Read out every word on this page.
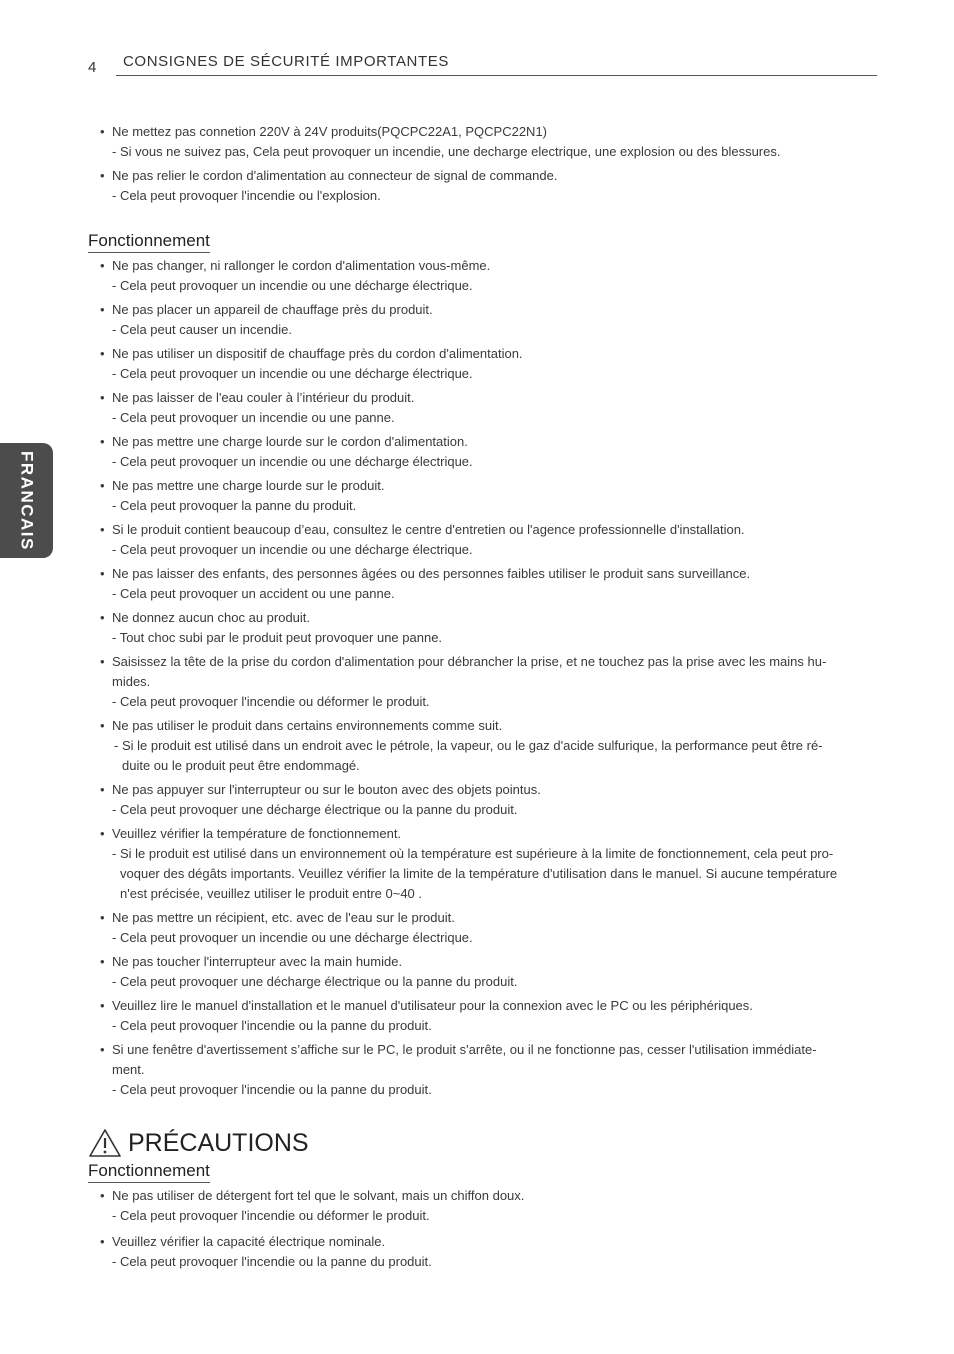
4 CONSIGNES DE SÉCURITÉ IMPORTANTES
FRANCAIS
• Ne mettez pas connetion 220V à 24V produits(PQCPC22A1, PQCPC22N1)
- Si vous ne suivez pas, Cela peut provoquer un incendie, une decharge electrique, une explosion ou des blessures.
• Ne pas relier le cordon d'alimentation au connecteur de signal de commande.
- Cela peut provoquer l'incendie ou l'explosion.
Fonctionnement
• Ne pas changer, ni rallonger le cordon d'alimentation vous-même.
- Cela peut provoquer un incendie ou une décharge électrique.
• Ne pas placer un appareil de chauffage près du produit.
- Cela peut causer un incendie.
• Ne pas utiliser un dispositif de chauffage près du cordon d'alimentation.
- Cela peut provoquer un incendie ou une décharge électrique.
• Ne pas laisser de l'eau couler à l’intérieur du produit.
- Cela peut provoquer un incendie ou une panne.
• Ne pas mettre une charge lourde sur le cordon d'alimentation.
- Cela peut provoquer un incendie ou une décharge électrique.
• Ne pas mettre une charge lourde sur le produit.
- Cela peut provoquer la panne du produit.
• Si le produit contient beaucoup d’eau, consultez le centre d'entretien ou l'agence professionnelle d'installation.
- Cela peut provoquer un incendie ou une décharge électrique.
• Ne pas laisser des enfants, des personnes âgées ou des personnes faibles utiliser le produit sans surveillance.
- Cela peut provoquer un accident ou une panne.
• Ne donnez aucun choc au produit.
- Tout choc subi par le produit peut provoquer une panne.
• Saisissez la tête de la prise du cordon d'alimentation pour débrancher la prise, et ne touchez pas la prise avec les mains hu-
mides.
- Cela peut provoquer l'incendie ou déformer le produit.
• Ne pas utiliser le produit dans certains environnements comme suit.
- Si le produit est utilisé dans un endroit avec le pétrole, la vapeur, ou le gaz d'acide sulfurique, la performance peut être ré-
duite ou le produit peut être endommagé.
• Ne pas appuyer sur l'interrupteur ou sur le bouton avec des objets pointus.
- Cela peut provoquer une décharge électrique ou la panne du produit.
• Veuillez vérifier la température de fonctionnement.
- Si le produit est utilisé dans un environnement où la température est supérieure à la limite de fonctionnement, cela peut pro-
voquer des dégâts importants. Veuillez vérifier la limite de la température d'utilisation dans le manuel. Si aucune température
n'est précisée, veuillez utiliser le produit entre 0~40 .
• Ne pas mettre un récipient, etc. avec de l'eau sur le produit.
- Cela peut provoquer un incendie ou une décharge électrique.
• Ne pas toucher l'interrupteur avec la main humide.
- Cela peut provoquer une décharge électrique ou la panne du produit.
• Veuillez lire le manuel d'installation et le manuel d'utilisateur pour la connexion avec le PC ou les périphériques.
- Cela peut provoquer l'incendie ou la panne du produit.
• Si une fenêtre d'avertissement s’affiche sur le PC, le produit s'arrête, ou il ne fonctionne pas, cesser l'utilisation immédiate-
ment.
- Cela peut provoquer l'incendie ou la panne du produit.
PRÉCAUTIONS
Fonctionnement
• Ne pas utiliser de détergent fort tel que le solvant, mais un chiffon doux.
- Cela peut provoquer l'incendie ou déformer le produit.
• Veuillez vérifier la capacité électrique nominale.
- Cela peut provoquer l'incendie ou la panne du produit.
